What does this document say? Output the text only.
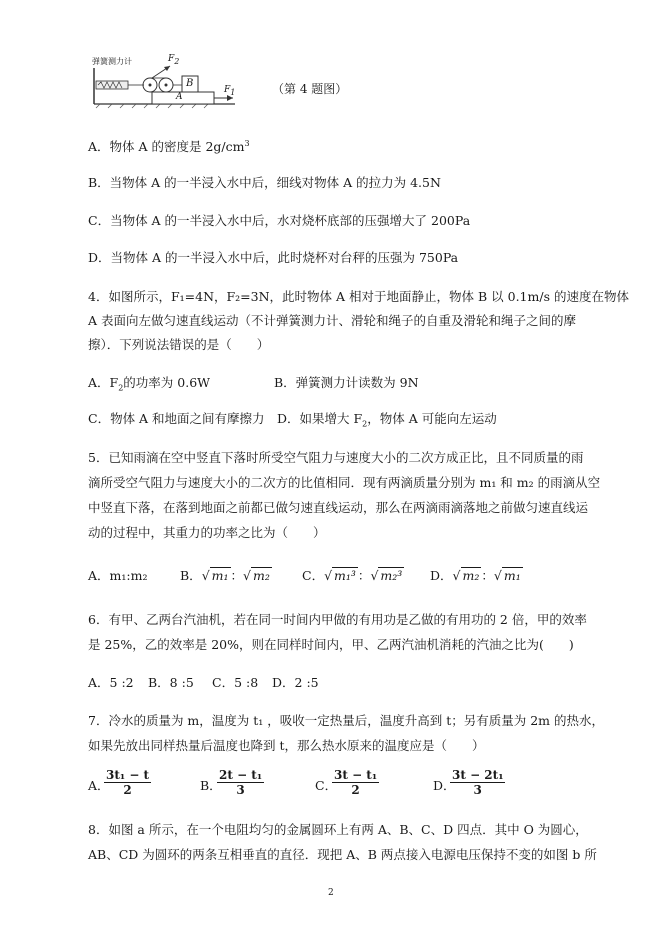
弹簧测力计	$F_2$
B
A
$F_1$	（第 4 题图）
A．物体 A 的密度是 $2g/cm^3$
B．当物体 A 的一半浸入水中后，细线对物体 A 的拉力为 4.5N
C．当物体 A 的一半浸入水中后，水对烧杯底部的压强增大了 200Pa
D．当物体 A 的一半浸入水中后，此时烧杯对台秤的压强为 750Pa
4．如图所示，F₁=4N，F₂=3N，此时物体 A 相对于地面静止，物体 B 以 0.1m/s 的速度在物体
A 表面向左做匀速直线运动（不计弹簧测力计、滑轮和绳子的自重及滑轮和绳子之间的摩
擦）．下列说法错误的是（　　）
A．$F_2$的功率为 0.6W	B．弹簧测力计读数为 9N
C．物体 A 和地面之间有摩擦力 D．如果增大 $F_2$，物体 A 可能向左运动
5．已知雨滴在空中竖直下落时所受空气阻力与速度大小的二次方成正比，且不同质量的雨
滴所受空气阻力与速度大小的二次方的比值相同．现有两滴质量分别为 m₁ 和 m₂ 的雨滴从空
中竖直下落，在落到地面之前都已做匀速直线运动，那么在两滴雨滴落地之前做匀速直线运
动的过程中，其重力的功率之比为（　　）
A．m₁:m₂	B．√ m₁ ：√ m₂	C．√ m₁³ ：√ m₂³ D．√ m₂ ：√ m₁
6．有甲、乙两台汽油机，若在同一时间内甲做的有用功是乙做的有用功的 2 倍，甲的效率
是 25%，乙的效率是 20%，则在同样时间内，甲、乙两汽油机消耗的汽油之比为(　　)
A．5 :2 B．8 :5 C．5 :8 D．2 :5
7．冷水的质量为 m，温度为 t₁ ，吸收一定热量后，温度升高到 t；另有质量为 2m 的热水，
如果先放出同样热量后温度也降到 t，那么热水原来的温度应是（　　）
A．
$\frac{\text{3t₁ − t}}{2}$	B．
$\frac{\text{2t − t₁}}{3}$	C．
$\frac{\text{3t − t₁}}{2}$	D．
$\frac{\text{3t − 2t₁}}{3}$
8．如图 a 所示，在一个电阻均匀的金属圆环上有两 A、B、C、D 四点．其中 O 为圆心，
AB、CD 为圆环的两条互相垂直的直径．现把 A、B 两点接入电源电压保持不变的如图 b 所
2
